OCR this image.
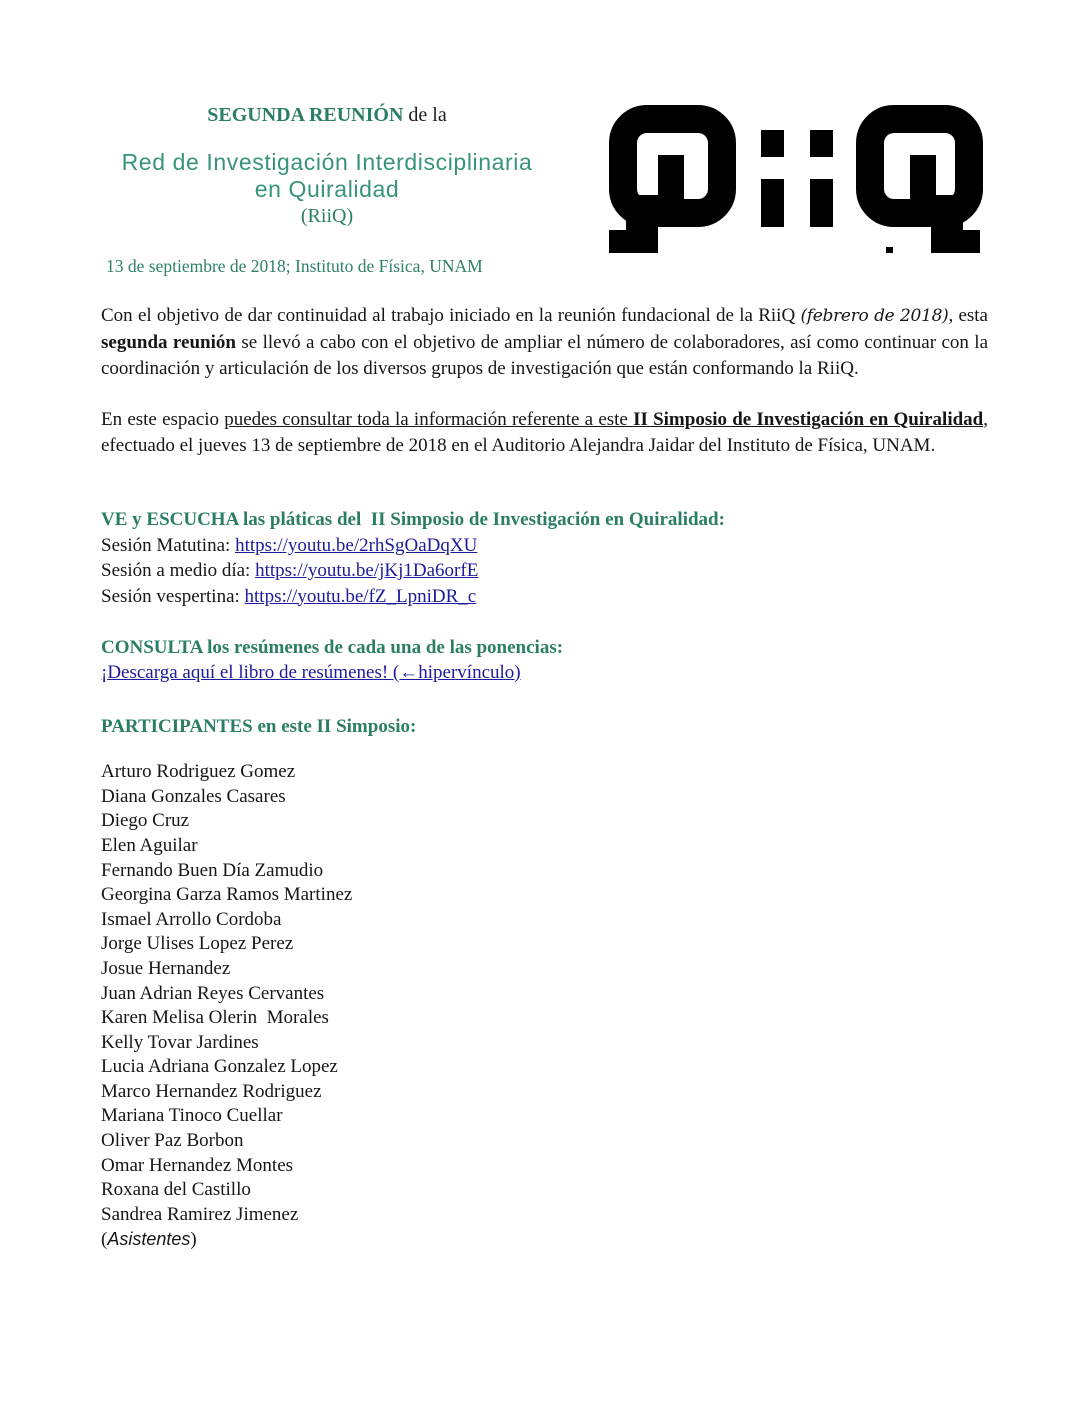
SEGUNDA REUNIÓN de la
Red de Investigación Interdisciplinaria
en Quiralidad
(RiiQ)
13 de septiembre de 2018; Instituto de Física, UNAM

Con el objetivo de dar continuidad al trabajo iniciado en la reunión fundacional de la RiiQ (febrero de 2018), esta segunda reunión se llevó a cabo con el objetivo de ampliar el número de colaboradores, así como continuar con la coordinación y articulación de los diversos grupos de investigación que están conformando la RiiQ.

En este espacio puedes consultar toda la información referente a este II Simposio de Investigación en Quiralidad, efectuado el jueves 13 de septiembre de 2018 en el Auditorio Alejandra Jaidar del Instituto de Física, UNAM.

VE y ESCUCHA las pláticas del  II Simposio de Investigación en Quiralidad:

Sesión Matutina: https://youtu.be/2rhSgOaDqXU
Sesión a medio día: https://youtu.be/jKj1Da6orfE
Sesión vespertina: https://youtu.be/fZ_LpniDR_c

CONSULTA los resúmenes de cada una de las ponencias:

¡Descarga aquí el libro de resúmenes! (←hipervínculo)

PARTICIPANTES en este II Simposio:

Arturo Rodriguez Gomez
Diana Gonzales Casares
Diego Cruz
Elen Aguilar
Fernando Buen Día Zamudio
Georgina Garza Ramos Martinez
Ismael Arrollo Cordoba
Jorge Ulises Lopez Perez
Josue Hernandez
Juan Adrian Reyes Cervantes
Karen Melisa Olerin  Morales
Kelly Tovar Jardines
Lucia Adriana Gonzalez Lopez
Marco Hernandez Rodriguez
Mariana Tinoco Cuellar
Oliver Paz Borbon
Omar Hernandez Montes
Roxana del Castillo
Sandrea Ramirez Jimenez
(Asistentes)
